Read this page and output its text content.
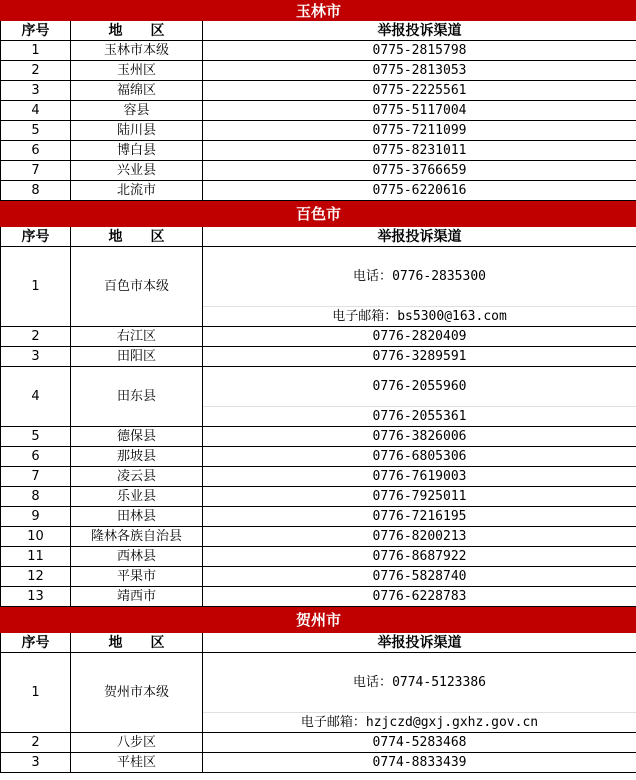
玉林市		
序号	地　　区	举报投诉渠道
1	玉林市本级	0775-2815798
2	玉州区	0775-2813053
3	福绵区	0775-2225561
4	容县	0775-5117004
5	陆川县	0775-7211099
6	博白县	0775-8231011
7	兴业县	0775-3766659
8	北流市	0775-6220616
百色市		
序号	地　　区	举报投诉渠道
1	百色市本级	电话： 0776-2835300
电子邮箱： bs5300@163.com

2	右江区	0776-2820409
3	田阳区	0776-3289591
4	田东县	0776-2055960
0776-2055361

5	德保县	0776-3826006
6	那坡县	0776-6805306
7	凌云县	0776-7619003
8	乐业县	0776-7925011
9	田林县	0776-7216195
10	隆林各族自治县	0776-8200213
11	西林县	0776-8687922
12	平果市	0776-5828740
13	靖西市	0776-6228783
贺州市		
序号	地　　区	举报投诉渠道
1	贺州市本级	电话： 0774-5123386
电子邮箱： hzjczd@gxj.gxhz.gov.cn

2	八步区	0774-5283468
3	平桂区	0774-8833439
